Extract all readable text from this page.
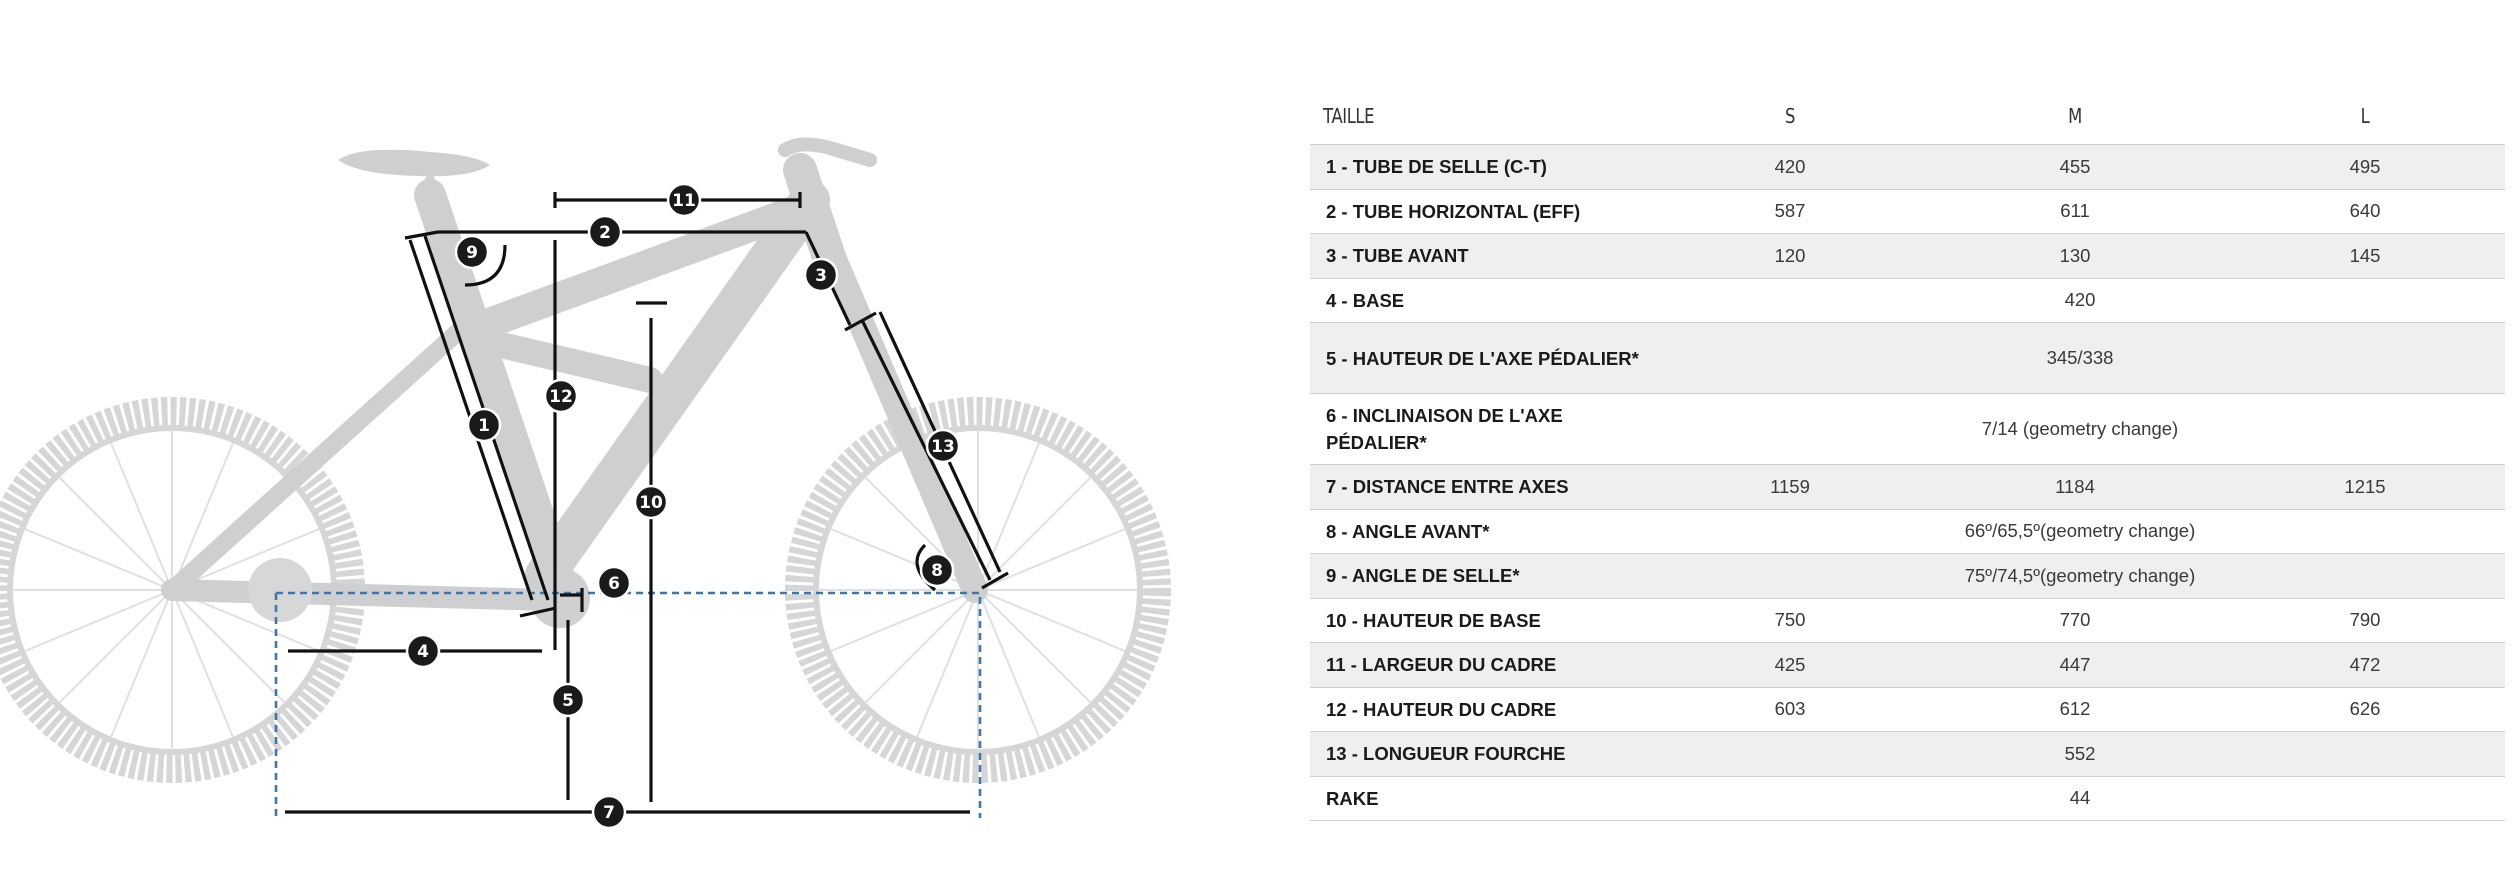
1
2
3
4
5
6
7
8
9
10
11
12
13
TAILLE	S	M	L
1 - TUBE DE SELLE (C-T)	420	455	495
2 - TUBE HORIZONTAL (EFF)	587	611	640
3 - TUBE AVANT	120	130	145
4 - BASE	420		
5 - HAUTEUR DE L'AXE PÉDALIER*	345/338		
6 - INCLINAISON DE L'AXE PÉDALIER*	7/14 (geometry change)		
7 - DISTANCE ENTRE AXES	1159	1184	1215
8 - ANGLE AVANT*	66º/65,5º(geometry change)		
9 - ANGLE DE SELLE*	75º/74,5º(geometry change)		
10 - HAUTEUR DE BASE	750	770	790
11 - LARGEUR DU CADRE	425	447	472
12 - HAUTEUR DU CADRE	603	612	626
13 - LONGUEUR FOURCHE	552		
RAKE	44		
